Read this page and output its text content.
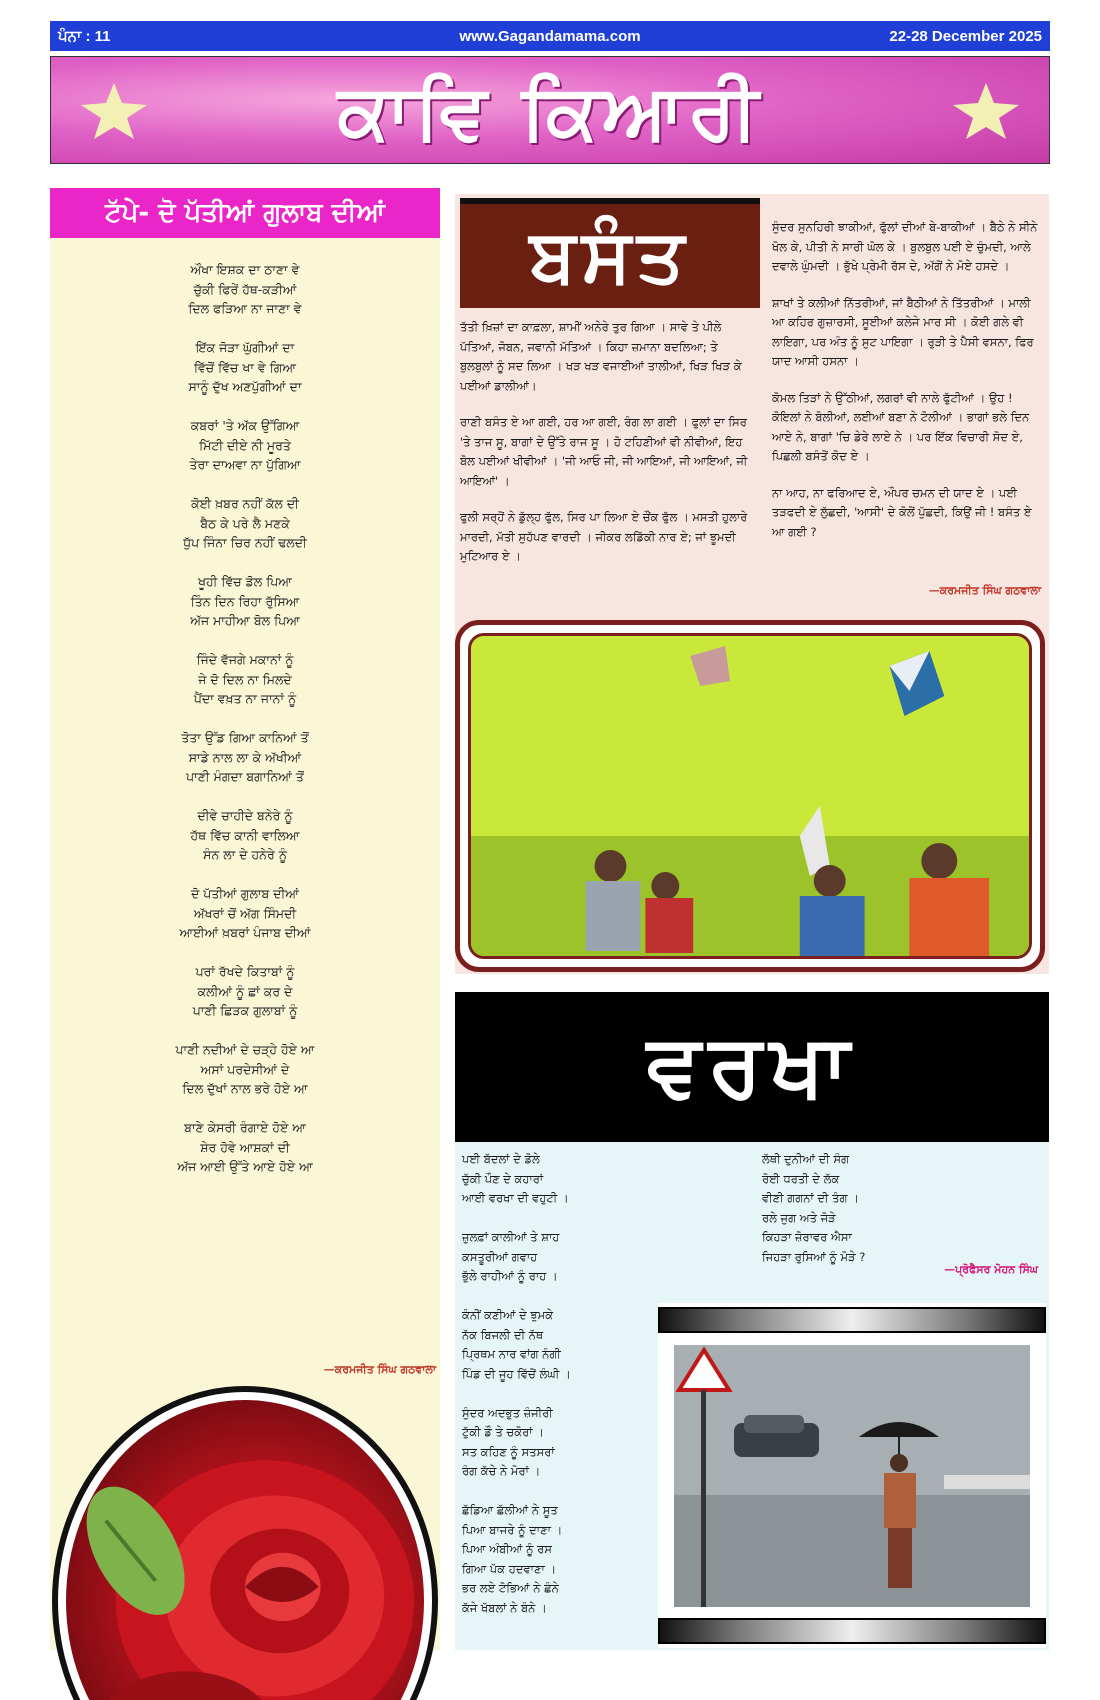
ਪੰਨਾ : 11	www.Gagandamama.com	22-28 December 2025
ਕਾਵਿ ਕਿਆਰੀ
ਟੱਪੇ- ਦੋ ਪੱਤੀਆਂ ਗੁਲਾਬ ਦੀਆਂ
ਔਖਾ ਇਸ਼ਕ ਦਾ ਠਾਣਾ ਵੇ
ਚੁੱਕੀ ਫਿਰੇਂ ਹੱਥ-ਕੜੀਆਂ
ਦਿਲ ਫੜਿਆ ਨਾ ਜਾਣਾ ਵੇ
ਇੱਕ ਜੋੜਾ ਘੁੱਗੀਆਂ ਦਾ
ਵਿੱਚੋਂ ਵਿੱਚ ਖਾ ਵੇ ਗਿਆ
ਸਾਨੂੰ ਦੁੱਖ ਅਣਪੁੱਗੀਆਂ ਦਾ
ਕਬਰਾਂ 'ਤੇ ਅੱਕ ਉੱਗਿਆ
ਮਿੱਟੀ ਦੀਏ ਨੀ ਮੂਰਤੇ
ਤੇਰਾ ਦਾਅਵਾ ਨਾ ਪੁੱਗਿਆ
ਕੋਈ ਖ਼ਬਰ ਨਹੀਂ ਕੱਲ ਦੀ
ਬੈਠ ਕੇ ਪਰੇ ਲੈ ਮਣਕੇ
ਧੁੱਪ ਜਿੰਨਾ ਚਿਰ ਨਹੀਂ ਢਲਦੀ
ਖੂਹੀ ਵਿੱਚ ਡੋਲ ਪਿਆ
ਤਿੰਨ ਦਿਨ ਰਿਹਾ ਰੁੱਸਿਆ
ਅੱਜ ਮਾਹੀਆ ਬੋਲ ਪਿਆ
ਜਿੰਦੇ ਵੱਜਗੇ ਮਕਾਨਾਂ ਨੂੰ
ਜੇ ਦੋ ਦਿਲ ਨਾ ਮਿਲਦੇ
ਪੈਂਦਾ ਵਖ਼ਤ ਨਾ ਜਾਨਾਂ ਨੂੰ
ਤੋਤਾ ਉੱਡ ਗਿਆ ਕਾਨਿਆਂ ਤੋਂ
ਸਾਡੇ ਨਾਲ ਲਾ ਕੇ ਅੱਖੀਆਂ
ਪਾਣੀ ਮੰਗਦਾ ਬਗਾਨਿਆਂ ਤੋਂ
ਦੀਵੇ ਚਾਹੀਦੇ ਬਨੇਰੇ ਨੂੰ
ਹੱਥ ਵਿੱਚ ਕਾਨੀ ਵਾਲਿਆ
ਸੰਨ ਲਾ ਦੇ ਹਨੇਰੇ ਨੂੰ
ਦੋ ਪੱਤੀਆਂ ਗੁਲਾਬ ਦੀਆਂ
ਅੱਖਰਾਂ ਚੋਂ ਅੱਗ ਸਿੰਮਦੀ
ਆਈਆਂ ਖ਼ਬਰਾਂ ਪੰਜਾਬ ਦੀਆਂ
ਪਰਾਂ ਰੱਖਦੇ ਕਿਤਾਬਾਂ ਨੂੰ
ਕਲੀਆਂ ਨੂੰ ਛਾਂ ਕਰ ਦੇ
ਪਾਣੀ ਛਿੜਕ ਗੁਲਾਬਾਂ ਨੂੰ
ਪਾਣੀ ਨਦੀਆਂ ਦੇ ਚੜ੍ਹੇ ਹੋਏ ਆ
ਅਸਾਂ ਪਰਦੇਸੀਆਂ ਦੇ
ਦਿਲ ਦੁੱਖਾਂ ਨਾਲ ਭਰੇ ਹੋਏ ਆ
ਬਾਣੇ ਕੇਸਰੀ ਰੰਗਾਏ ਹੋਏ ਆ
ਸ਼ੇਰ ਹੋਵੇ ਆਸ਼ਕਾਂ ਦੀ
ਅੱਜ ਆਈ ਉੱਤੇ ਆਏ ਹੋਏ ਆ
—ਕਰਮਜੀਤ ਸਿੰਘ ਗਠਵਾਲਾ
ਬਸੰਤ

ਤੱਤੀ ਖ਼ਿਜ਼ਾਂ ਦਾ ਕਾਫ਼ਲਾ, ਸ਼ਾਮੀਂ ਅਨੇਰੇ ਤੁਰ ਗਿਆ । ਸਾਵੇ ਤੇ ਪੀਲੇ ਪੱਤਿਆਂ, ਜੋਬਨ, ਜਵਾਨੀ ਮੱਤਿਆਂ । ਕਿਹਾ ਜ਼ਮਾਨਾ ਬਦਲਿਆ; ਤੇ ਬੁਲਬੁਲਾਂ ਨੂੰ ਸਦ ਲਿਆ । ਖੜ ਖੜ ਵਜਾਈਆਂ ਤਾਲੀਆਂ, ਖਿੜ ਖਿੜ ਕੇ ਪਈਆਂ ਡਾਲੀਆਂ।

ਰਾਣੀ ਬਸੰਤ ਏ ਆ ਗਈ, ਹਰ ਆ ਗਈ, ਰੰਗ ਲਾ ਗਈ । ਫੁਲਾਂ ਦਾ ਸਿਰ 'ਤੇ ਤਾਜ ਸੂ, ਬਾਗਾਂ ਦੇ ਉੱਤੇ ਰਾਜ ਸੂ । ਹੋ ਟਹਿਣੀਆਂ ਵੀ ਨੀਵੀਆਂ, ਇਹ ਬੋਲ ਪਈਆਂ ਖੀਵੀਆਂ । 'ਜੀ ਆਓ ਜੀ, ਜੀ ਆਇਆਂ, ਜੀ ਆਇਆਂ, ਜੀ ਆਇਆਂ' ।

ਫੁਲੀ ਸਰ੍ਹੋਂ ਨੇ ਡੁੱਲ੍ਹ ਫੁੱਲ, ਸਿਰ ਪਾ ਲਿਆ ਏ ਚੌਂਕ ਫੁੱਲ । ਮਸਤੀ ਹੁਲਾਰੇ ਮਾਰਦੀ, ਮੱਤੀ ਸੁਹੱਪਣ ਵਾਰਦੀ । ਜੀਕਰ ਲਡਿੱਕੀ ਨਾਰ ਏ; ਜਾਂ ਝੂਮਦੀ ਮੁਟਿਆਰ ਏ ।

ਸੁੰਦਰ ਸੁਨਹਿਰੀ ਝਾਕੀਆਂ, ਫੁੱਲਾਂ ਦੀਆਂ ਬੇ-ਬਾਕੀਆਂ । ਬੈਠੇ ਨੇ ਸੀਨੇ ਖੋਲ ਕੇ, ਪੀਤੀ ਨੇ ਸਾਰੀ ਘੋਲ ਕੇ । ਬੁਲਬੁਲ ਪਈ ਏ ਚੁੰਮਦੀ, ਆਲੇ ਦਵਾਲੇ ਘੁੰਮਦੀ । ਭੁੱਖੇ ਪ੍ਰੇਮੀ ਰੱਸ ਦੇ, ਅੱਗੋਂ ਨੇ ਮੋਏ ਹਸਦੇ ।

ਸ਼ਾਖਾਂ ਤੇ ਕਲੀਆਂ ਨਿੱਤਰੀਆਂ, ਜਾਂ ਬੈਠੀਆਂ ਨੇ ਤਿੱਤਰੀਆਂ । ਮਾਲੀ ਆ ਕਹਿਰ ਗੁਜ਼ਾਰਸੀ, ਸੂਈਆਂ ਕਲੇਜੇ ਮਾਰ ਸੀ । ਕੋਈ ਗਲੇ ਵੀ ਲਾਇਗਾ, ਪਰ ਅੰਤ ਨੂੰ ਸੁਟ ਪਾਇਗਾ । ਰੁੜੀ ਤੇ ਪੈਸੀ ਵਸਨਾ, ਫਿਰ ਯਾਦ ਆਸੀ ਹਸਨਾ ।

ਕੋਮਲ ਤਿੜਾਂ ਨੇ ਉੱਠੀਆਂ, ਲਗਰਾਂ ਵੀ ਨਾਲੇ ਫੁੱਟੀਆਂ । ਉਹ ! ਕੋਇਲਾਂ ਨੇ ਬੋਲੀਆਂ, ਲਈਆਂ ਬਣਾ ਨੇ ਟੋਲੀਆਂ । ਭਾਗਾਂ ਭਲੇ ਦਿਨ ਆਏ ਨੇ, ਬਾਗਾਂ 'ਚਿ ਡੇਰੇ ਲਾਏ ਨੇ । ਪਰ ਇੱਕ ਵਿਚਾਰੀ ਸੋਦ ਏ, ਪਿਛਲੀ ਬਸੰਤੋਂ ਕੋਦ ਏ ।

ਨਾ ਆਹ, ਨਾ ਫਰਿਆਦ ਏ, ਔਪਰ ਚਮਨ ਦੀ ਯਾਦ ਏ । ਪਈ ਤੜਫਦੀ ਏ ਲੁੱਛਦੀ, 'ਆਸੀ' ਦੇ ਕੋਲੋਂ ਪੁੱਛਦੀ, ਕਿਉਂ ਜੀ ! ਬਸੰਤ ਏ ਆ ਗਈ ?

—ਕਰਮਜੀਤ ਸਿੰਘ ਗਠਵਾਲਾ
ਵਰਖਾ

ਪਈ ਬੱਦਲਾਂ ਦੇ ਡੋਲੇ
ਚੁੱਕੀ ਪੌਣ ਦੇ ਕਹਾਰਾਂ
ਆਈ ਵਰਖਾ ਦੀ ਵਹੁਟੀ ।

ਜ਼ੁਲਫ਼ਾਂ ਕਾਲੀਆਂ ਤੇ ਸ਼ਾਹ
ਕਸਤੂਰੀਆਂ ਗਵਾਹ
ਭੁੱਲੇ ਰਾਹੀਆਂ ਨੂੰ ਰਾਹ ।

ਕੰਨੀਂ ਕਣੀਆਂ ਦੇ ਝੁਮਕੇ
ਨੱਕ ਬਿਜਲੀ ਦੀ ਨੱਥ
ਪ੍ਰਿਥਮ ਨਾਰ ਵਾਂਗ ਨੰਗੀ
ਪਿੰਡ ਦੀ ਜੂਹ ਵਿੱਚੋਂ ਲੰਘੀ ।

ਸੁੰਦਰ ਅਦਭੁਤ ਜ਼ੰਜੀਰੀ
ਟੁੱਕੀ ਡੌ ਤੇ ਚਕੋਰਾਂ ।
ਸਤ ਕਹਿਣ ਨੂੰ ਸਤਸਰਾਂ
ਰੰਗ ਕੱਚੇ ਨੇ ਮੋਰਾਂ ।

ਛੱਡਿਆ ਛੱਲੀਆਂ ਨੇ ਸੂਤ
ਪਿਆ ਬਾਜਰੇ ਨੂੰ ਦਾਣਾ ।
ਪਿਆ ਅੰਬੀਆਂ ਨੂੰ ਰਸ
ਗਿਆ ਪੱਕ ਹਦਵਾਣਾ ।
ਭਰ ਲਏ ਟੋਭਿਆਂ ਨੇ ਛੰਨੇ
ਕੱਜੇ ਖੱਬਲਾਂ ਨੇ ਬੰਨੇ ।

ਲੱਥੀ ਦੁਨੀਆਂ ਦੀ ਸੰਗ
ਰੋਈ ਧਰਤੀ ਦੇ ਲੱਕ
ਵੀਣੀ ਗਗਨਾਂ ਦੀ ਤੰਗ ।
ਰਲੇ ਜੁਗ ਅਤੇ ਜੋੜੇ
ਕਿਹੜਾ ਜ਼ੋਰਾਵਰ ਐਸਾ
ਜਿਹੜਾ ਰੁਸਿਆਂ ਨੂੰ ਮੋੜੇ ?

—ਪ੍ਰੋਫੈਸਰ ਮੋਹਨ ਸਿੰਘ
